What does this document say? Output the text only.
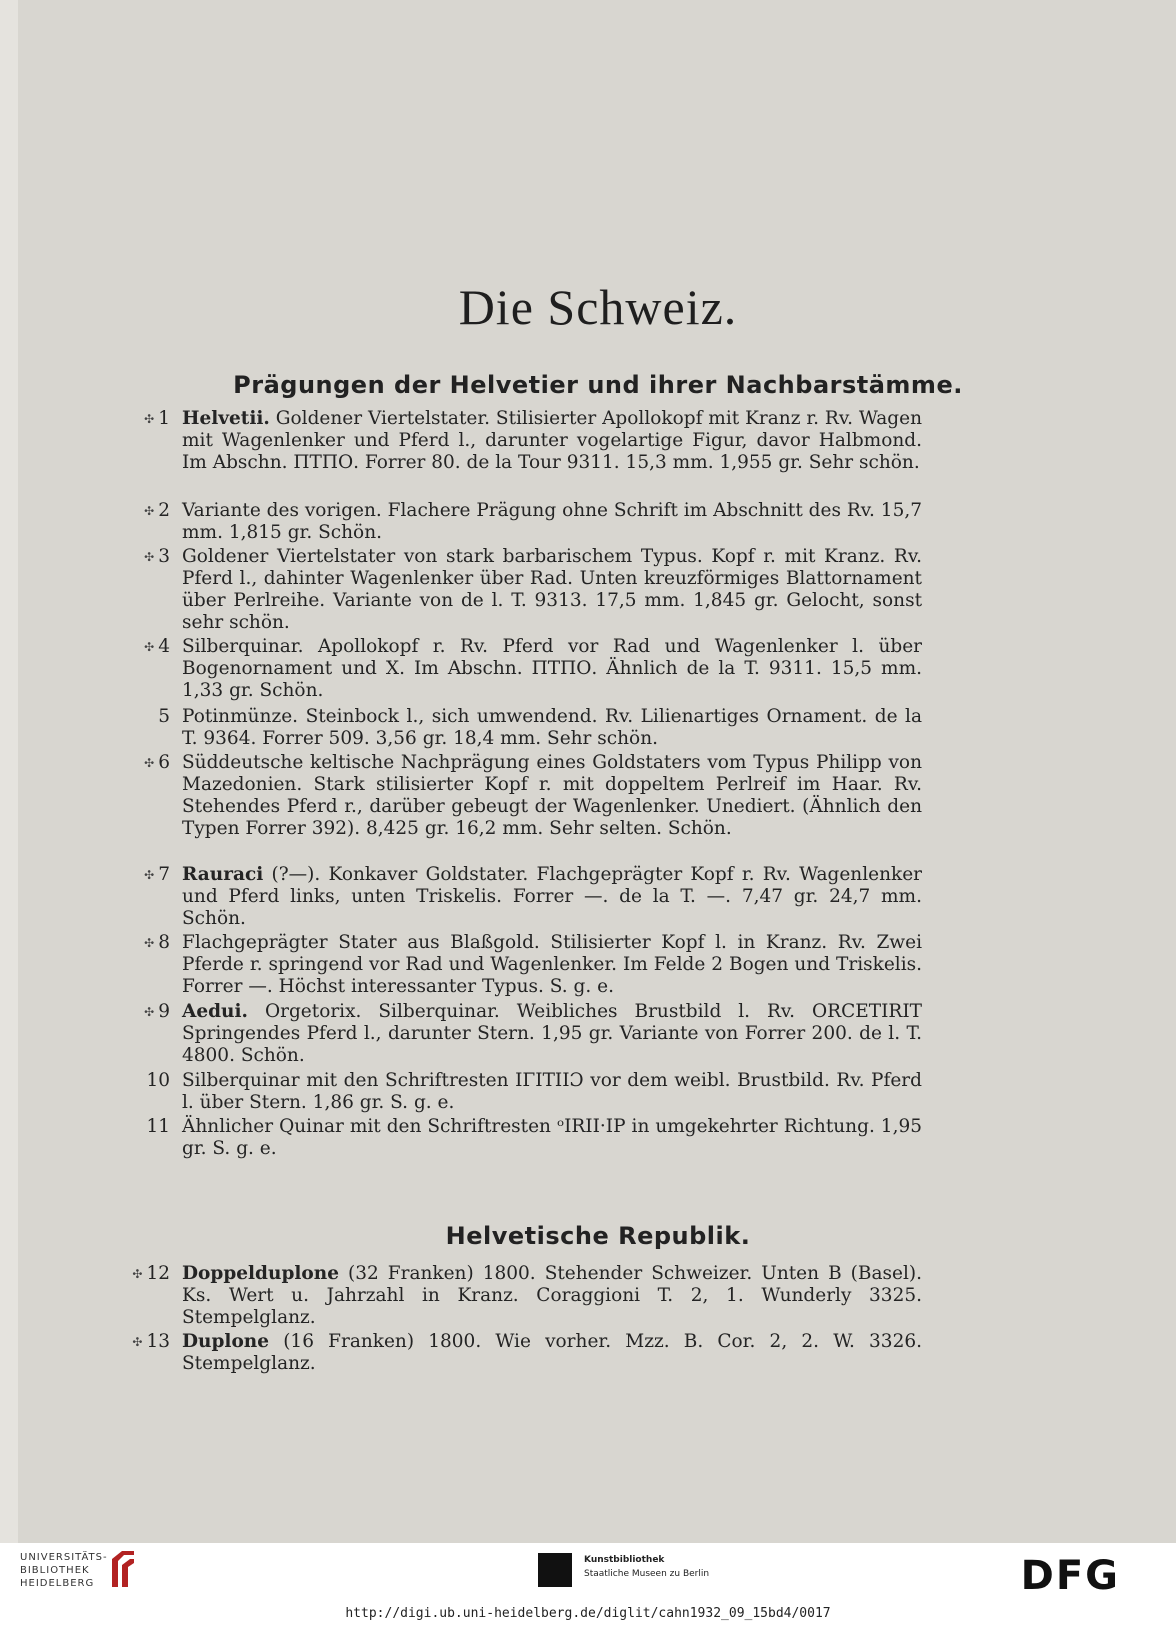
Die Schweiz.
Prägungen der Helvetier und ihrer Nachbarstämme.
Helvetische Republik.
✣ 1 Helvetii. Goldener Viertelstater. Stilisierter Apollokopf mit Kranz r. Rv. Wagen mit Wagenlenker und Pferd l., darunter vogelartige Figur, davor Halbmond. Im Abschn. ΠΤΠΟ. Forrer 80. de la Tour 9311. 15,3 mm. 1,955 gr. Sehr schön.
✣ 2 Variante des vorigen. Flachere Prägung ohne Schrift im Abschnitt des Rv. 15,7 mm. 1,815 gr. Schön.
✣ 3 Goldener Viertelstater von stark barbarischem Typus. Kopf r. mit Kranz. Rv. Pferd l., dahinter Wagenlenker über Rad. Unten kreuzförmiges Blattornament über Perlreihe. Variante von de l. T. 9313. 17,5 mm. 1,845 gr. Gelocht, sonst sehr schön.
✣ 4 Silberquinar. Apollokopf r. Rv. Pferd vor Rad und Wagenlenker l. über Bogenornament und X. Im Abschn. ΠΤΠΟ. Ähnlich de la T. 9311. 15,5 mm. 1,33 gr. Schön.
5 Potinmünze. Steinbock l., sich umwendend. Rv. Lilienartiges Ornament. de la T. 9364. Forrer 509. 3,56 gr. 18,4 mm. Sehr schön.
✣ 6 Süddeutsche keltische Nachprägung eines Goldstaters vom Typus Philipp von Mazedonien. Stark stilisierter Kopf r. mit doppeltem Perlreif im Haar. Rv. Stehendes Pferd r., darüber gebeugt der Wagenlenker. Unediert. (Ähnlich den Typen Forrer 392). 8,425 gr. 16,2 mm. Sehr selten. Schön.
✣ 7 Rauraci (?—). Konkaver Goldstater. Flachgeprägter Kopf r. Rv. Wagenlenker und Pferd links, unten Triskelis. Forrer —. de la T. —. 7,47 gr. 24,7 mm. Schön.
✣ 8 Flachgeprägter Stater aus Blaßgold. Stilisierter Kopf l. in Kranz. Rv. Zwei Pferde r. springend vor Rad und Wagenlenker. Im Felde 2 Bogen und Triskelis. Forrer —. Höchst interessanter Typus. S. g. e.
✣ 9 Aedui. Orgetorix. Silberquinar. Weibliches Brustbild l. Rv. ORCETIRIT Springendes Pferd l., darunter Stern. 1,95 gr. Variante von Forrer 200. de l. T. 4800. Schön.
10 Silberquinar mit den Schriftresten IΓITIIƆ vor dem weibl. Brustbild. Rv. Pferd l. über Stern. 1,86 gr. S. g. e.
11 Ähnlicher Quinar mit den Schriftresten ᵒIRII·IP in umgekehrter Richtung. 1,95 gr. S. g. e.
✣ 12 Doppelduplone (32 Franken) 1800. Stehender Schweizer. Unten B (Basel). Ks. Wert u. Jahrzahl in Kranz. Coraggioni T. 2, 1. Wunderly 3325. Stempelglanz.
✣ 13 Duplone (16 Franken) 1800. Wie vorher. Mzz. B. Cor. 2, 2. W. 3326. Stempelglanz.
UNIVERSITÄTS-
BIBLIOTHEK
HEIDELBERG
Kunstbibliothek
Staatliche Museen zu Berlin	DFG
http://digi.ub.uni-heidelberg.de/diglit/cahn1932_09_15bd4/0017
